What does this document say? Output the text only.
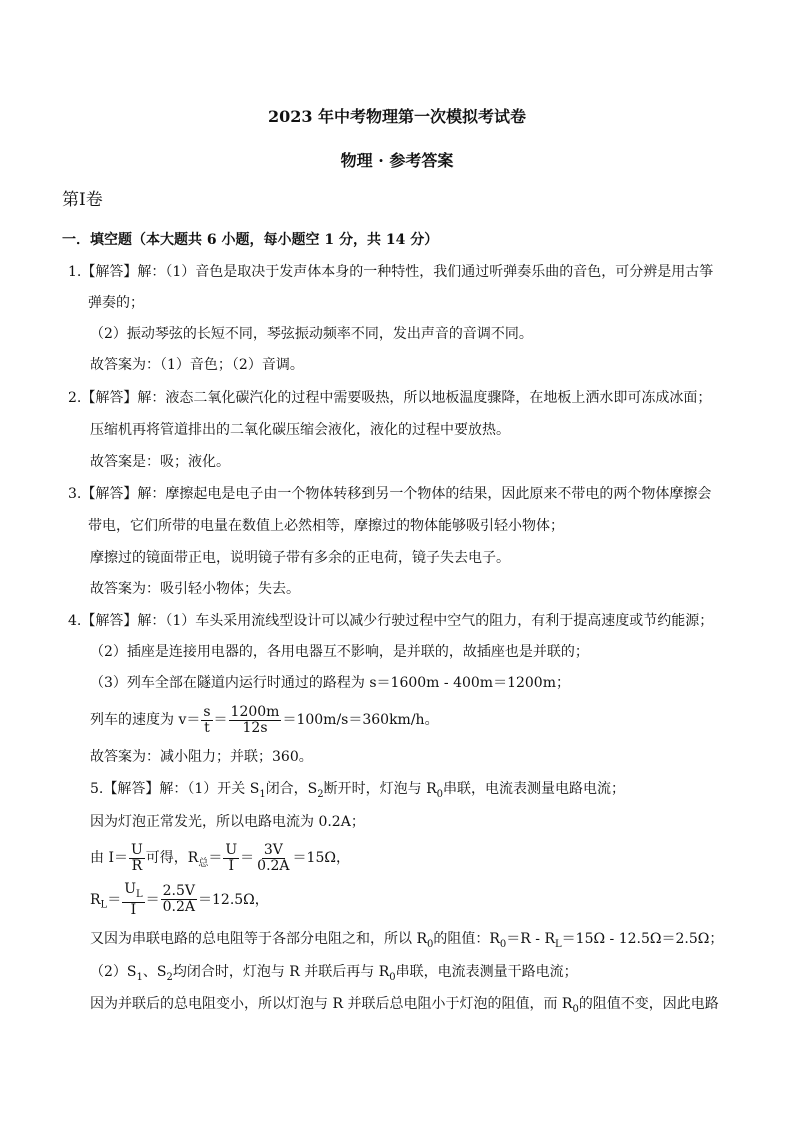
2023 年中考物理第一次模拟考试卷
物理 · 参考答案
第Ⅰ卷
一．填空题（本大题共 6 小题，每小题空 1 分，共 14 分）
1.【解答】解：（1）音色是取决于发声体本身的一种特性，我们通过听弹奏乐曲的音色，可分辨是用古筝
弹奏的；
（2）振动琴弦的长短不同，琴弦振动频率不同，发出声音的音调不同。
故答案为：（1）音色；（2）音调。
2.【解答】解：液态二氧化碳汽化的过程中需要吸热，所以地板温度骤降，在地板上洒水即可冻成冰面；
压缩机再将管道排出的二氧化碳压缩会液化，液化的过程中要放热。
故答案是：吸；液化。
3.【解答】解：摩擦起电是电子由一个物体转移到另一个物体的结果，因此原来不带电的两个物体摩擦会
带电，它们所带的电量在数值上必然相等，摩擦过的物体能够吸引轻小物体；
摩擦过的镜面带正电，说明镜子带有多余的正电荷，镜子失去电子。
故答案为：吸引轻小物体；失去。
4.【解答】解：（1）车头采用流线型设计可以减少行驶过程中空气的阻力，有利于提高速度或节约能源；
（2）插座是连接用电器的，各用电器互不影响，是并联的，故插座也是并联的；
（3）列车全部在隧道内运行时通过的路程为 s＝1600m - 400m＝1200m；
列车的速度为 $v= \frac{s}{t} = \frac{1200m}{12s} =100m/s=360km/h$。
故答案为：减小阻力；并联；360。
5.【解答】解：（1）开关 $S_1$闭合，$S_2$断开时，灯泡与 $R_0$串联，电流表测量电路电流；
因为灯泡正常发光，所以电路电流为 0.2A；
由 $I= \frac{U}{R}$ 可得，$R_总= \frac{U}{I} = \frac{3V}{0.2A} =15\Omega$，
$R_L= \frac{U_L}{I} = \frac{2.5V}{0.2A} =12.5\Omega$，
又因为串联电路的总电阻等于各部分电阻之和，所以 $R_0$的阻值：$R_0=R - R_L=15\Omega - 12.5\Omega=2.5\Omega$；
$(2)S_1$、$S_2$均闭合时，灯泡与 R 并联后再与 $R_0$串联，电流表测量干路电流；
因为并联后的总电阻变小，所以灯泡与 R 并联后总电阻小于灯泡的阻值，而 $R_0$的阻值不变，因此电路
